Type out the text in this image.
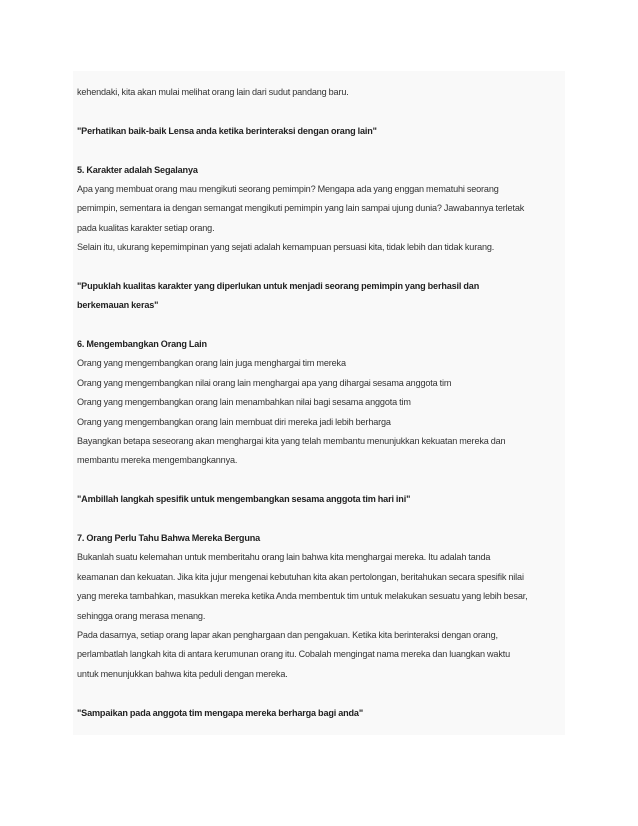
kehendaki, kita akan mulai melihat orang lain dari sudut pandang baru.
"Perhatikan baik-baik Lensa anda ketika berinteraksi dengan orang lain"
5. Karakter adalah Segalanya
Apa yang membuat orang mau mengikuti seorang pemimpin? Mengapa ada yang enggan mematuhi seorang
pemimpin, sementara ia dengan semangat mengikuti pemimpin yang lain sampai ujung dunia? Jawabannya terletak
pada kualitas karakter setiap orang.
Selain itu, ukurang kepemimpinan yang sejati adalah kemampuan persuasi kita, tidak lebih dan tidak kurang.
"Pupuklah kualitas karakter yang diperlukan untuk menjadi seorang pemimpin yang berhasil dan
berkemauan keras"
6. Mengembangkan Orang Lain
Orang yang mengembangkan orang lain juga menghargai tim mereka
Orang yang mengembangkan nilai orang lain menghargai apa yang dihargai sesama anggota tim
Orang yang mengembangkan orang lain menambahkan nilai bagi sesama anggota tim
Orang yang mengembangkan orang lain membuat diri mereka jadi lebih berharga
Bayangkan betapa seseorang akan menghargai kita yang telah membantu menunjukkan kekuatan mereka dan
membantu mereka mengembangkannya.
"Ambillah langkah spesifik untuk mengembangkan sesama anggota tim hari ini"
7. Orang Perlu Tahu Bahwa Mereka Berguna
Bukanlah suatu kelemahan untuk memberitahu orang lain bahwa kita menghargai mereka. Itu adalah tanda
keamanan dan kekuatan. Jika kita jujur mengenai kebutuhan kita akan pertolongan, beritahukan secara spesifik nilai
yang mereka tambahkan, masukkan mereka ketika Anda membentuk tim untuk melakukan sesuatu yang lebih besar,
sehingga orang merasa menang.
Pada dasarnya, setiap orang lapar akan penghargaan dan pengakuan. Ketika kita berinteraksi dengan orang,
perlambatlah langkah kita di antara kerumunan orang itu. Cobalah mengingat nama mereka dan luangkan waktu
untuk menunjukkan bahwa kita peduli dengan mereka.
"Sampaikan pada anggota tim mengapa mereka berharga bagi anda"
